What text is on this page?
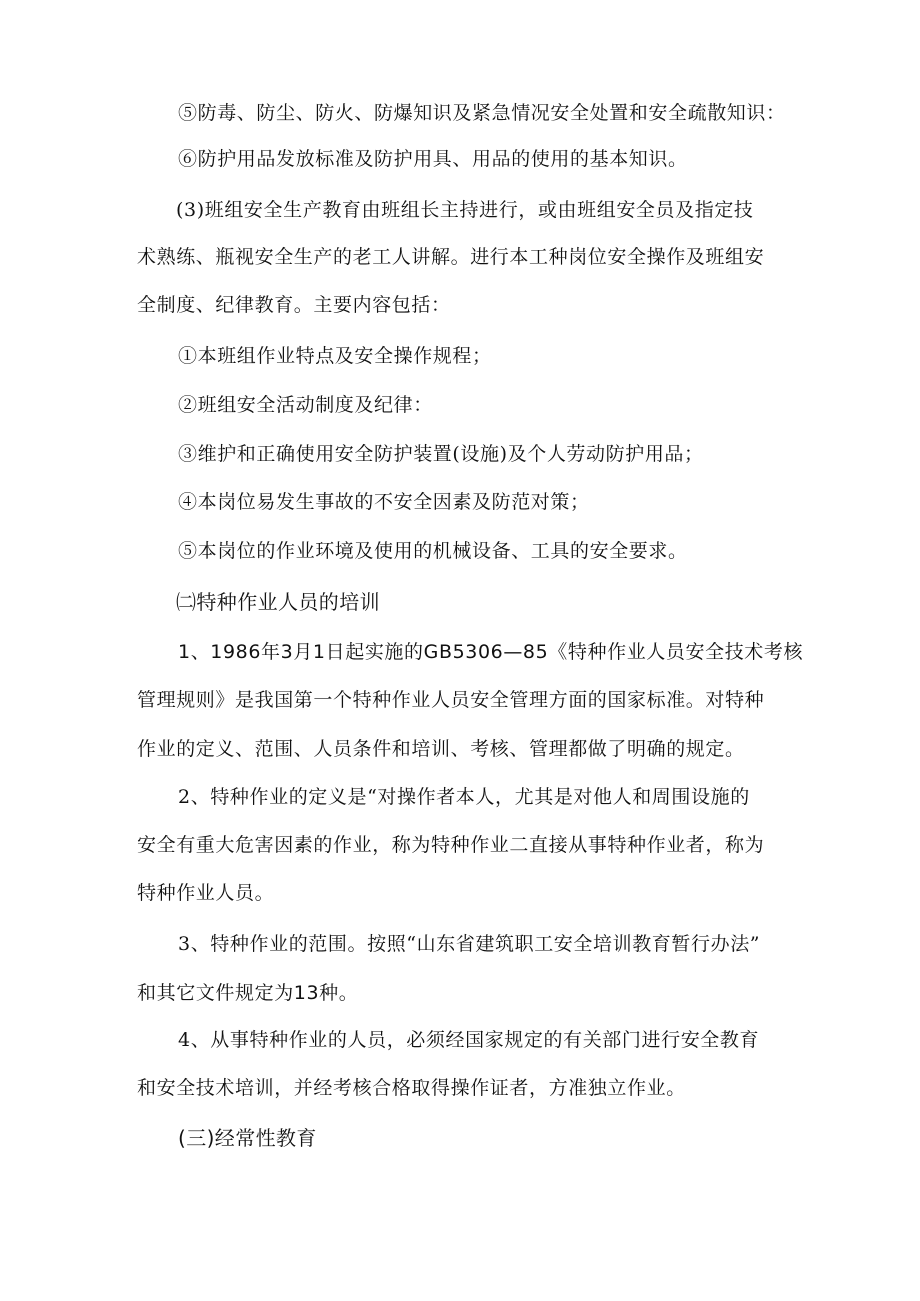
⑤防毒、防尘、防火、防爆知识及紧急情况安全处置和安全疏散知识：
⑥防护用品发放标准及防护用具、用品的使用的基本知识。
(3)班组安全生产教育由班组长主持进行，或由班组安全员及指定技
术熟练、瓶视安全生产的老工人讲解。进行本工种岗位安全操作及班组安
全制度、纪律教育。主要内容包括：
①本班组作业特点及安全操作规程；
②班组安全活动制度及纪律：
③维护和正确使用安全防护装置(设施)及个人劳动防护用品；
④本岗位易发生事故的不安全因素及防范对策；
⑤本岗位的作业环境及使用的机械设备、工具的安全要求。
㈡特种作业人员的培训
1、1986年3月1日起实施的GB5306—85《特种作业人员安全技术考核
管理规则》是我国第一个特种作业人员安全管理方面的国家标准。对特种
作业的定义、范围、人员条件和培训、考核、管理都做了明确的规定。
2、特种作业的定义是“对操作者本人，尤其是对他人和周围设施的
安全有重大危害因素的作业，称为特种作业二直接从事特种作业者，称为
特种作业人员。
3、特种作业的范围。按照“山东省建筑职工安全培训教育暂行办法”
和其它文件规定为13种。
4、从事特种作业的人员，必须经国家规定的有关部门进行安全教育
和安全技术培训，并经考核合格取得操作证者，方准独立作业。
(三)经常性教育
